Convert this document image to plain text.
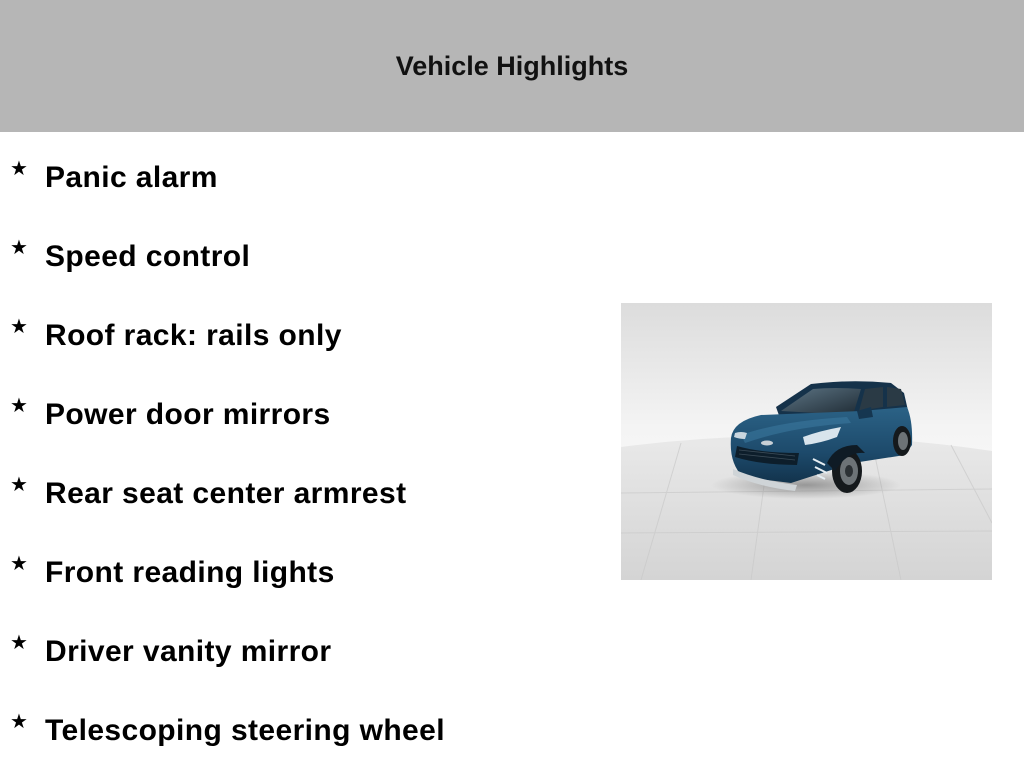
Vehicle Highlights
★ Panic alarm
★ Speed control
★ Roof rack: rails only
★ Power door mirrors
★ Rear seat center armrest
★ Front reading lights
★ Driver vanity mirror
★ Telescoping steering wheel
